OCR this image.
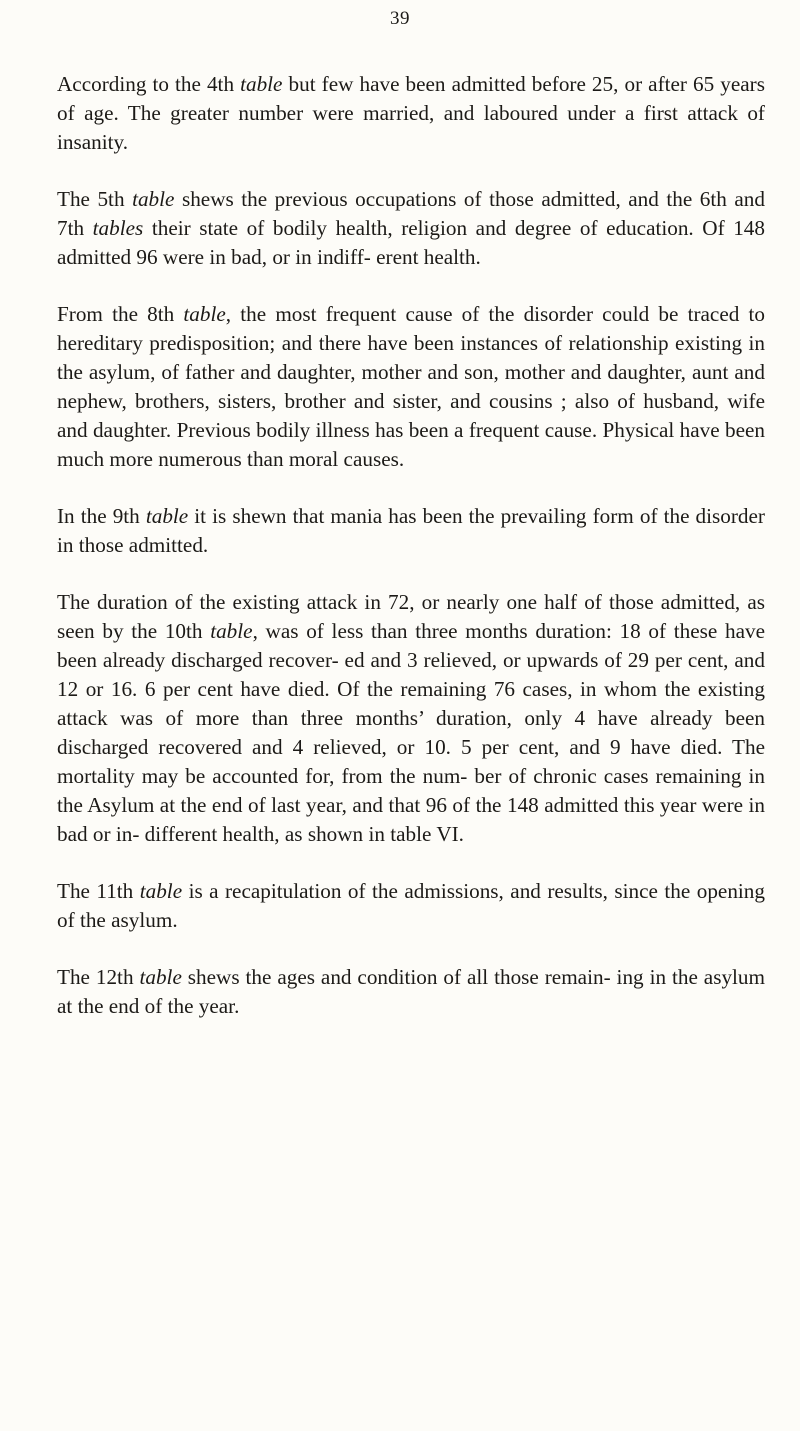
39

According to the 4th table but few have been admitted before 25, or after 65 years of age. The greater number were married, and laboured under a first attack of insanity.

The 5th table shews the previous occupations of those admitted, and the 6th and 7th tables their state of bodily health, religion and degree of education. Of 148 admitted 96 were in bad, or in indiff- erent health.

From the 8th table, the most frequent cause of the disorder could be traced to hereditary predisposition; and there have been instances of relationship existing in the asylum, of father and daughter, mother and son, mother and daughter, aunt and nephew, brothers, sisters, brother and sister, and cousins ; also of husband, wife and daughter. Previous bodily illness has been a frequent cause. Physical have been much more numerous than moral causes.

In the 9th table it is shewn that mania has been the prevailing form of the disorder in those admitted.

The duration of the existing attack in 72, or nearly one half of those admitted, as seen by the 10th table, was of less than three months duration: 18 of these have been already discharged recover- ed and 3 relieved, or upwards of 29 per cent, and 12 or 16. 6 per cent have died. Of the remaining 76 cases, in whom the existing attack was of more than three months’ duration, only 4 have already been discharged recovered and 4 relieved, or 10. 5 per cent, and 9 have died. The mortality may be accounted for, from the num- ber of chronic cases remaining in the Asylum at the end of last year, and that 96 of the 148 admitted this year were in bad or in- different health, as shown in table VI.

The 11th table is a recapitulation of the admissions, and results, since the opening of the asylum.

The 12th table shews the ages and condition of all those remain- ing in the asylum at the end of the year.
